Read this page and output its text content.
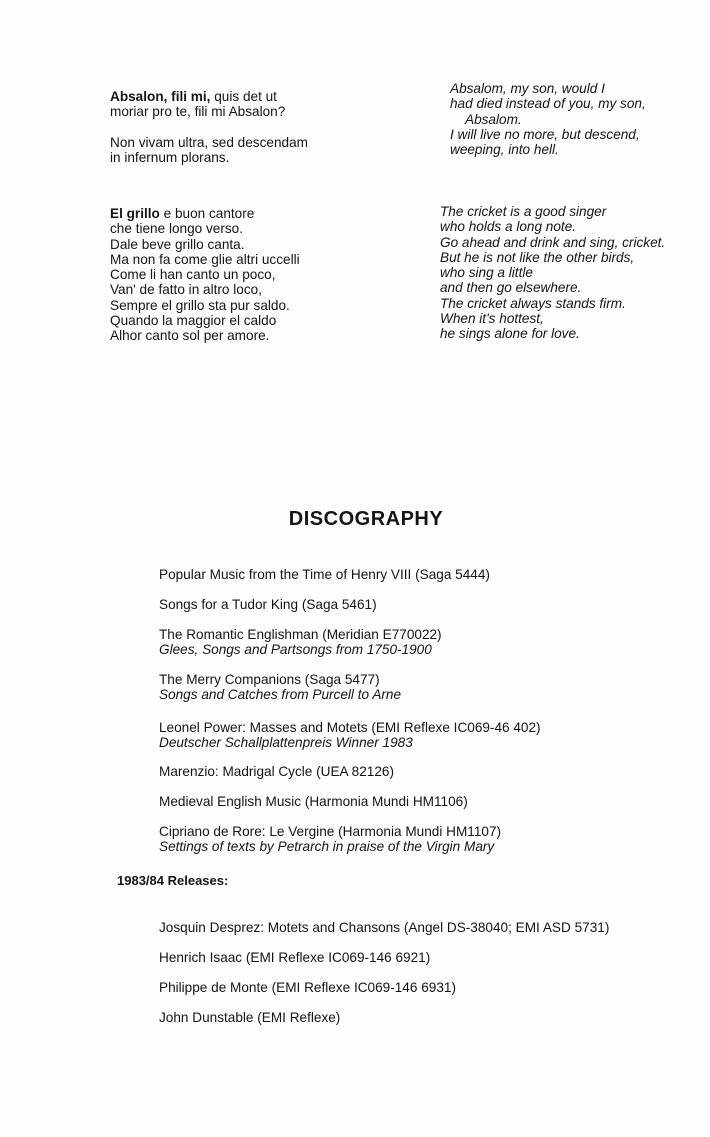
Absalon, fili mi, quis det ut
moriar pro te, fili mi Absalon?
Non vivam ultra, sed descendam
in infernum plorans.
Absalom, my son, would I
had died instead of you, my son,
Absalom.
I will live no more, but descend,
weeping, into hell.
El grillo e buon cantore
che tiene longo verso.
Dale beve grillo canta.
Ma non fa come glie altri uccelli
Come li han canto un poco,
Van' de fatto in altro loco,
Sempre el grillo sta pur saldo.
Quando la maggior el caldo
Alhor canto sol per amore.
The cricket is a good singer
who holds a long note.
Go ahead and drink and sing, cricket.
But he is not like the other birds,
who sing a little
and then go elsewhere.
The cricket always stands firm.
When it's hottest,
he sings alone for love.
DISCOGRAPHY
Popular Music from the Time of Henry VIII (Saga 5444)
Songs for a Tudor King (Saga 5461)
The Romantic Englishman (Meridian E770022)
Glees, Songs and Partsongs from 1750-1900
The Merry Companions (Saga 5477)
Songs and Catches from Purcell to Arne
Leonel Power: Masses and Motets (EMI Reflexe IC069-46 402)
Deutscher Schallplattenpreis Winner 1983
Marenzio: Madrigal Cycle (UEA 82126)
Medieval English Music (Harmonia Mundi HM1106)
Cipriano de Rore: Le Vergine (Harmonia Mundi HM1107)
Settings of texts by Petrarch in praise of the Virgin Mary
1983/84 Releases:
Josquin Desprez: Motets and Chansons (Angel DS-38040; EMI ASD 5731)
Henrich Isaac (EMI Reflexe IC069-146 6921)
Philippe de Monte (EMI Reflexe IC069-146 6931)
John Dunstable (EMI Reflexe)
